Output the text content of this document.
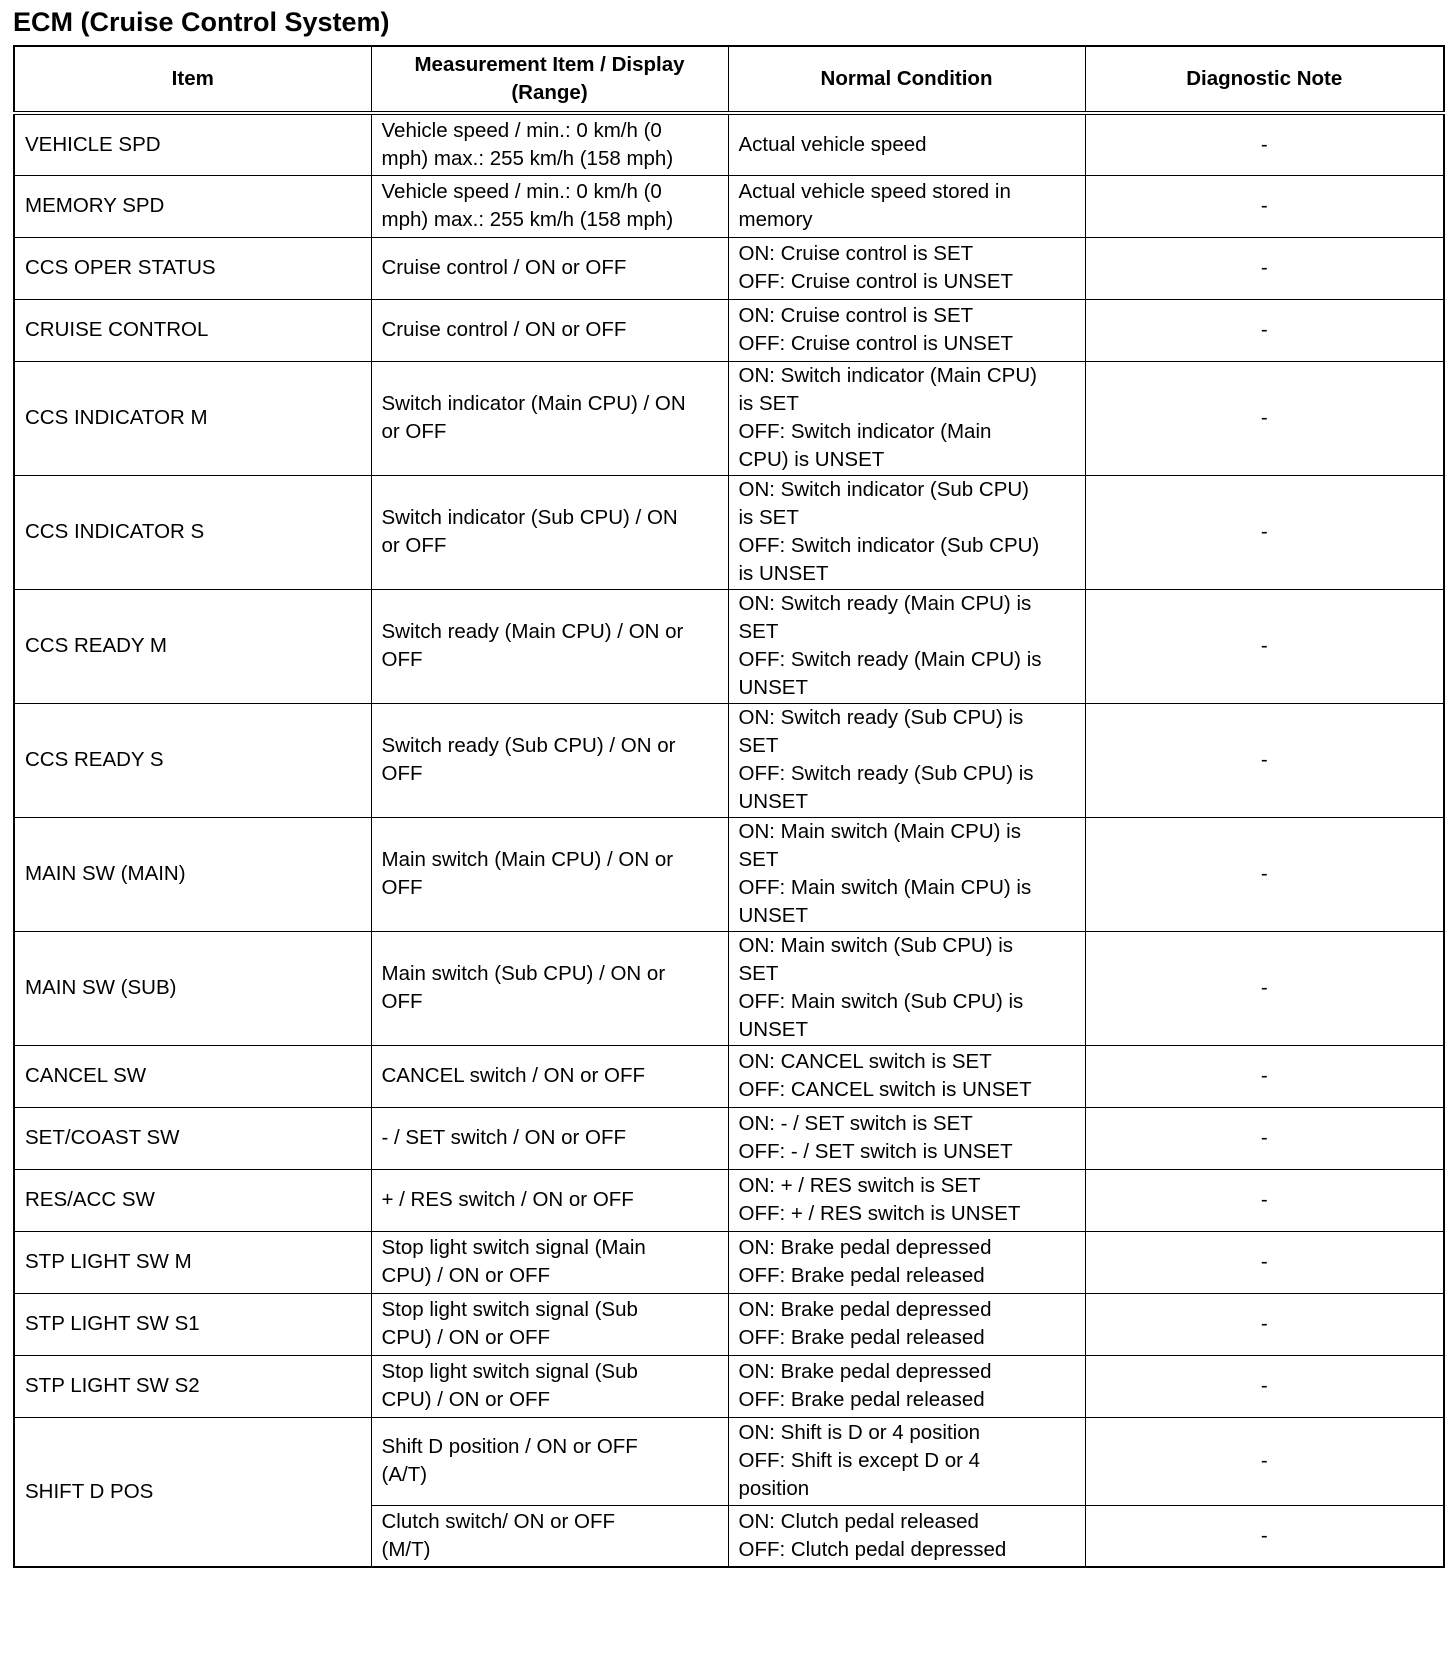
ECM (Cruise Control System)
Item	Measurement Item / Display
(Range)	Normal Condition	Diagnostic Note
VEHICLE SPD	Vehicle speed / min.: 0 km/h (0
mph) max.: 255 km/h (158 mph)	Actual vehicle speed	-
MEMORY SPD	Vehicle speed / min.: 0 km/h (0
mph) max.: 255 km/h (158 mph)	Actual vehicle speed stored in
memory	-
CCS OPER STATUS	Cruise control / ON or OFF	ON: Cruise control is SET
OFF: Cruise control is UNSET	-
CRUISE CONTROL	Cruise control / ON or OFF	ON: Cruise control is SET
OFF: Cruise control is UNSET	-
CCS INDICATOR M	Switch indicator (Main CPU) / ON
or OFF	ON: Switch indicator (Main CPU)
is SET
OFF: Switch indicator (Main
CPU) is UNSET	-
CCS INDICATOR S	Switch indicator (Sub CPU) / ON
or OFF	ON: Switch indicator (Sub CPU)
is SET
OFF: Switch indicator (Sub CPU)
is UNSET	-
CCS READY M	Switch ready (Main CPU) / ON or
OFF	ON: Switch ready (Main CPU) is
SET
OFF: Switch ready (Main CPU) is
UNSET	-
CCS READY S	Switch ready (Sub CPU) / ON or
OFF	ON: Switch ready (Sub CPU) is
SET
OFF: Switch ready (Sub CPU) is
UNSET	-
MAIN SW (MAIN)	Main switch (Main CPU) / ON or
OFF	ON: Main switch (Main CPU) is
SET
OFF: Main switch (Main CPU) is
UNSET	-
MAIN SW (SUB)	Main switch (Sub CPU) / ON or
OFF	ON: Main switch (Sub CPU) is
SET
OFF: Main switch (Sub CPU) is
UNSET	-
CANCEL SW	CANCEL switch / ON or OFF	ON: CANCEL switch is SET
OFF: CANCEL switch is UNSET	-
SET/COAST SW	- / SET switch / ON or OFF	ON: - / SET switch is SET
OFF: - / SET switch is UNSET	-
RES/ACC SW	+ / RES switch / ON or OFF	ON: + / RES switch is SET
OFF: + / RES switch is UNSET	-
STP LIGHT SW M	Stop light switch signal (Main
CPU) / ON or OFF	ON: Brake pedal depressed
OFF: Brake pedal released	-
STP LIGHT SW S1	Stop light switch signal (Sub
CPU) / ON or OFF	ON: Brake pedal depressed
OFF: Brake pedal released	-
STP LIGHT SW S2	Stop light switch signal (Sub
CPU) / ON or OFF	ON: Brake pedal depressed
OFF: Brake pedal released	-
SHIFT D POS	Shift D position / ON or OFF
(A/T)	ON: Shift is D or 4 position
OFF: Shift is except D or 4
position	-
	Clutch switch/ ON or OFF
(M/T)	ON: Clutch pedal released
OFF: Clutch pedal depressed	-
